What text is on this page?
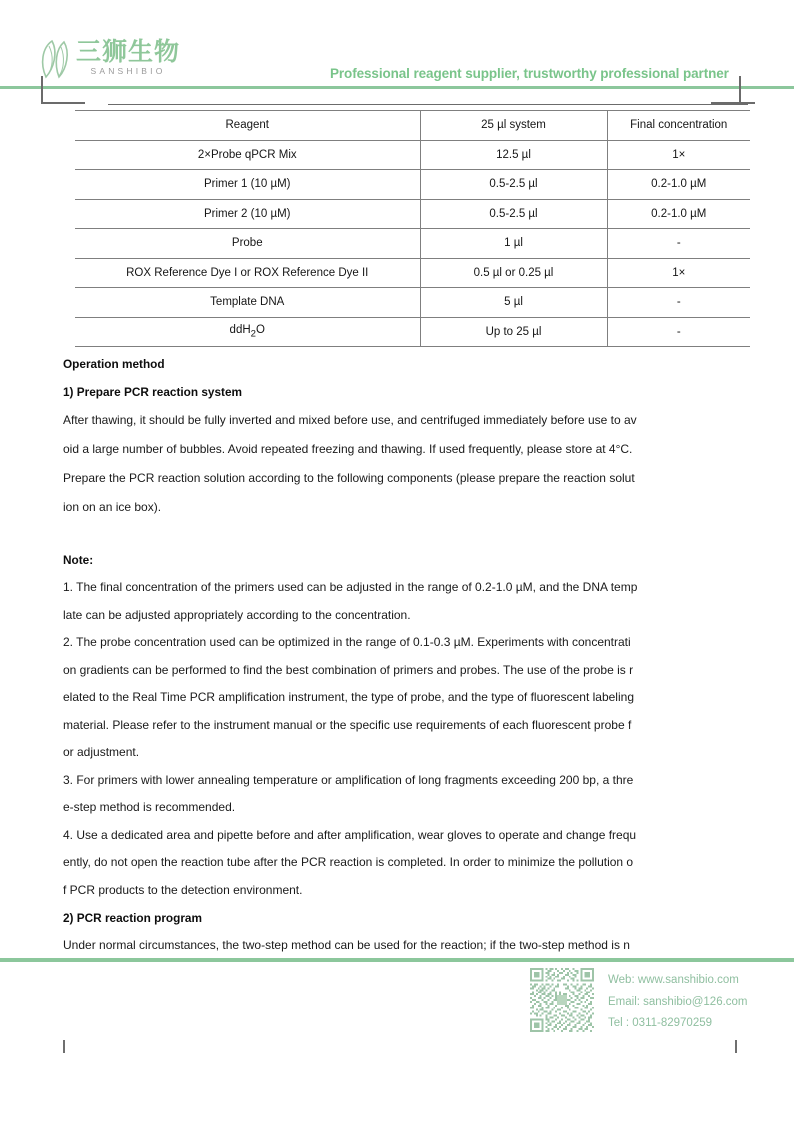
三狮生物
SANSHIBIO	Professional reagent supplier, trustworthy professional partner
Reagent	25 µl system	Final concentration
2×Probe qPCR Mix	12.5 µl	1×
Primer 1 (10 µM)	0.5-2.5 µl	0.2-1.0 µM
Primer 2 (10 µM)	0.5-2.5 µl	0.2-1.0 µM
Probe	1 µl	-
ROX Reference Dye I or ROX Reference Dye II	0.5 µl or 0.25 µl	1×
Template DNA	5 µl	-
ddH$_2$O	Up to 25 µl	-
Operation method
1) Prepare PCR reaction system
After thawing, it should be fully inverted and mixed before use, and centrifuged immediately before use to av
oid a large number of bubbles. Avoid repeated freezing and thawing. If used frequently, please store at 4°C.
Prepare the PCR reaction solution according to the following components (please prepare the reaction solut
ion on an ice box).
Note:
1. The final concentration of the primers used can be adjusted in the range of 0.2-1.0 µM, and the DNA temp
late can be adjusted appropriately according to the concentration.
2. The probe concentration used can be optimized in the range of 0.1-0.3 µM. Experiments with concentrati
on gradients can be performed to find the best combination of primers and probes. The use of the probe is r
elated to the Real Time PCR amplification instrument, the type of probe, and the type of fluorescent labeling
material. Please refer to the instrument manual or the specific use requirements of each fluorescent probe f
or adjustment.
3. For primers with lower annealing temperature or amplification of long fragments exceeding 200 bp, a thre
e-step method is recommended.
4. Use a dedicated area and pipette before and after amplification, wear gloves to operate and change frequ
ently, do not open the reaction tube after the PCR reaction is completed. In order to minimize the pollution o
f PCR products to the detection environment.
2) PCR reaction program
Under normal circumstances, the two-step method can be used for the reaction; if the two-step method is n
Web: www.sanshibio.com
Email: sanshibio@126.com
Tel : 0311-82970259
